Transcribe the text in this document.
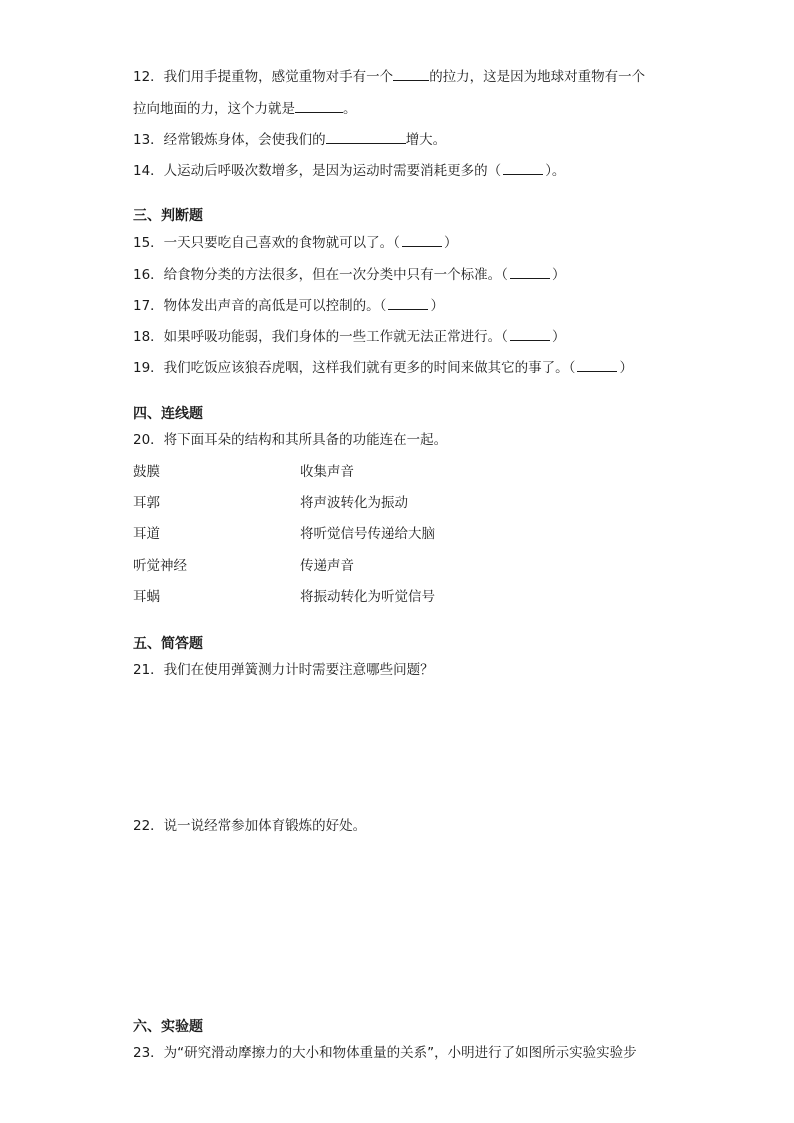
12．我们用手提重物，感觉重物对手有一个	的拉力，这是因为地球对重物有一个
拉向地面的力，这个力就是	。
13．经常锻炼身体，会使我们的	增大。
14．人运动后呼吸次数增多，是因为运动时需要消耗更多的（	）。
三、判断题
15．一天只要吃自己喜欢的食物就可以了。（	）
16．给食物分类的方法很多，但在一次分类中只有一个标准。（	）
17．物体发出声音的高低是可以控制的。（	）
18．如果呼吸功能弱，我们身体的一些工作就无法正常进行。（	）
19．我们吃饭应该狼吞虎咽，这样我们就有更多的时间来做其它的事了。（	）
四、连线题
20．将下面耳朵的结构和其所具备的功能连在一起。
鼓膜	收集声音
耳郭	将声波转化为振动
耳道	将听觉信号传递给大脑
听觉神经	传递声音
耳蜗	将振动转化为听觉信号
五、简答题
21．我们在使用弹簧测力计时需要注意哪些问题？
22．说一说经常参加体育锻炼的好处。
六、实验题
23．为“研究滑动摩擦力的大小和物体重量的关系”，小明进行了如图所示实验实验步
